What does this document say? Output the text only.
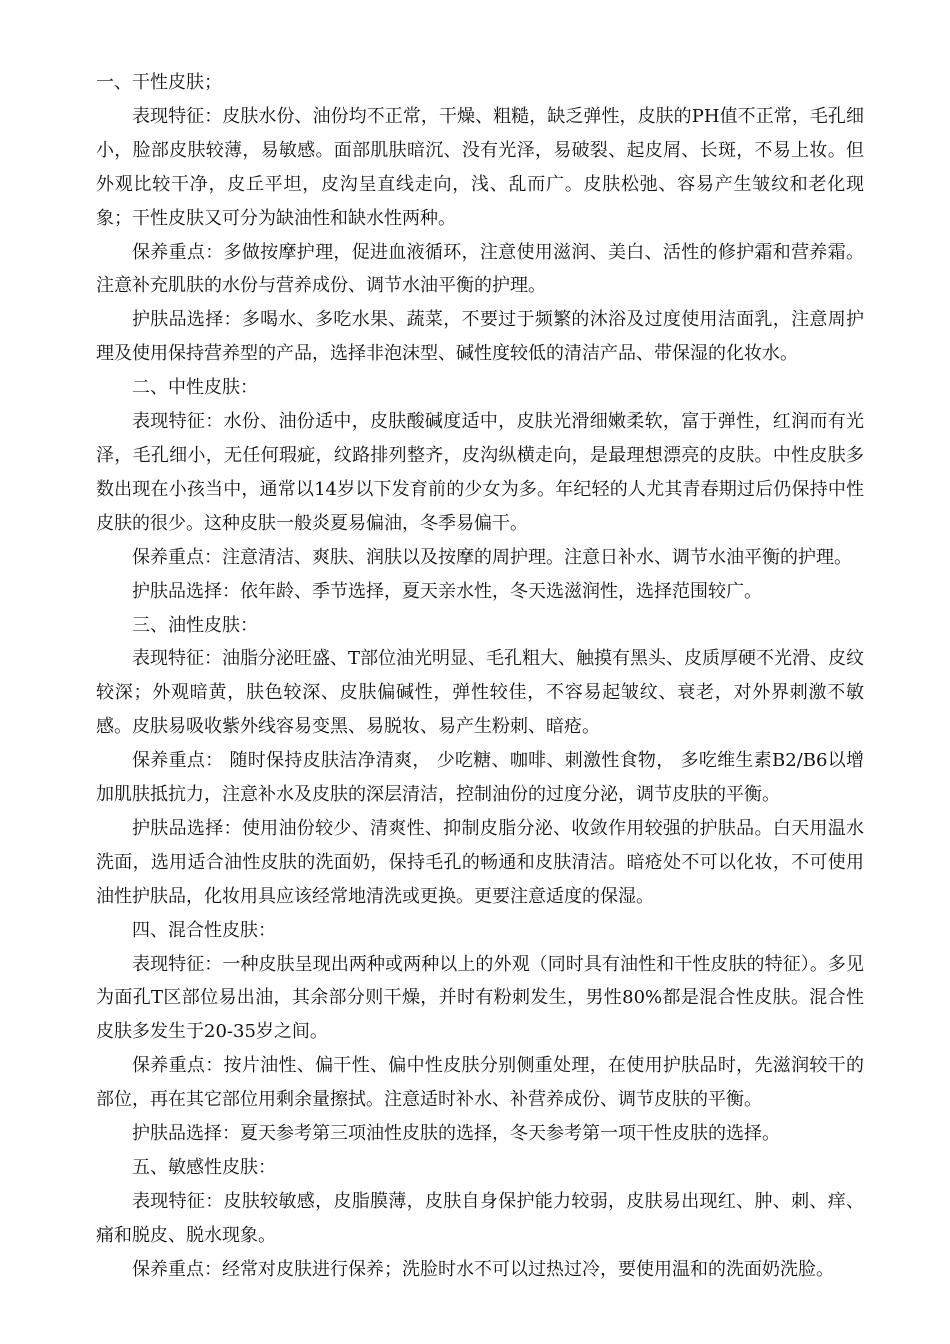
一、干性皮肤；

表现特征：皮肤水份、油份均不正常，干燥、粗糙，缺乏弹性，皮肤的PH值不正常，毛孔细小，脸部皮肤较薄，易敏感。面部肌肤暗沉、没有光泽，易破裂、起皮屑、长斑，不易上妆。但外观比较干净，皮丘平坦，皮沟呈直线走向，浅、乱而广。皮肤松弛、容易产生皱纹和老化现象；干性皮肤又可分为缺油性和缺水性两种。

保养重点：多做按摩护理，促进血液循环，注意使用滋润、美白、活性的修护霜和营养霜。注意补充肌肤的水份与营养成份、调节水油平衡的护理。

护肤品选择：多喝水、多吃水果、蔬菜，不要过于频繁的沐浴及过度使用洁面乳，注意周护理及使用保持营养型的产品，选择非泡沫型、碱性度较低的清洁产品、带保湿的化妆水。

二、中性皮肤：

表现特征：水份、油份适中，皮肤酸碱度适中，皮肤光滑细嫩柔软，富于弹性，红润而有光泽，毛孔细小，无任何瑕疵，纹路排列整齐，皮沟纵横走向，是最理想漂亮的皮肤。中性皮肤多数出现在小孩当中，通常以14岁以下发育前的少女为多。年纪轻的人尤其青春期过后仍保持中性皮肤的很少。这种皮肤一般炎夏易偏油，冬季易偏干。

保养重点：注意清洁、爽肤、润肤以及按摩的周护理。注意日补水、调节水油平衡的护理。

护肤品选择：依年龄、季节选择，夏天亲水性，冬天选滋润性，选择范围较广。

三、油性皮肤：

表现特征：油脂分泌旺盛、T部位油光明显、毛孔粗大、触摸有黑头、皮质厚硬不光滑、皮纹较深；外观暗黄，肤色较深、皮肤偏碱性，弹性较佳，不容易起皱纹、衰老，对外界刺激不敏感。皮肤易吸收紫外线容易变黑、易脱妆、易产生粉刺、暗疮。

保养重点： 随时保持皮肤洁净清爽， 少吃糖、咖啡、刺激性食物， 多吃维生素B2/B6以增加肌肤抵抗力，注意补水及皮肤的深层清洁，控制油份的过度分泌，调节皮肤的平衡。

护肤品选择：使用油份较少、清爽性、抑制皮脂分泌、收敛作用较强的护肤品。白天用温水洗面，选用适合油性皮肤的洗面奶，保持毛孔的畅通和皮肤清洁。暗疮处不可以化妆，不可使用油性护肤品，化妆用具应该经常地清洗或更换。更要注意适度的保湿。

四、混合性皮肤：

表现特征：一种皮肤呈现出两种或两种以上的外观（同时具有油性和干性皮肤的特征）。多见为面孔T区部位易出油，其余部分则干燥，并时有粉刺发生，男性80%都是混合性皮肤。混合性皮肤多发生于20-35岁之间。

保养重点：按片油性、偏干性、偏中性皮肤分别侧重处理，在使用护肤品时，先滋润较干的部位，再在其它部位用剩余量擦拭。注意适时补水、补营养成份、调节皮肤的平衡。

护肤品选择：夏天参考第三项油性皮肤的选择，冬天参考第一项干性皮肤的选择。

五、敏感性皮肤：

表现特征：皮肤较敏感，皮脂膜薄，皮肤自身保护能力较弱，皮肤易出现红、肿、刺、痒、痛和脱皮、脱水现象。

保养重点：经常对皮肤进行保养；洗脸时水不可以过热过冷，要使用温和的洗面奶洗脸。
